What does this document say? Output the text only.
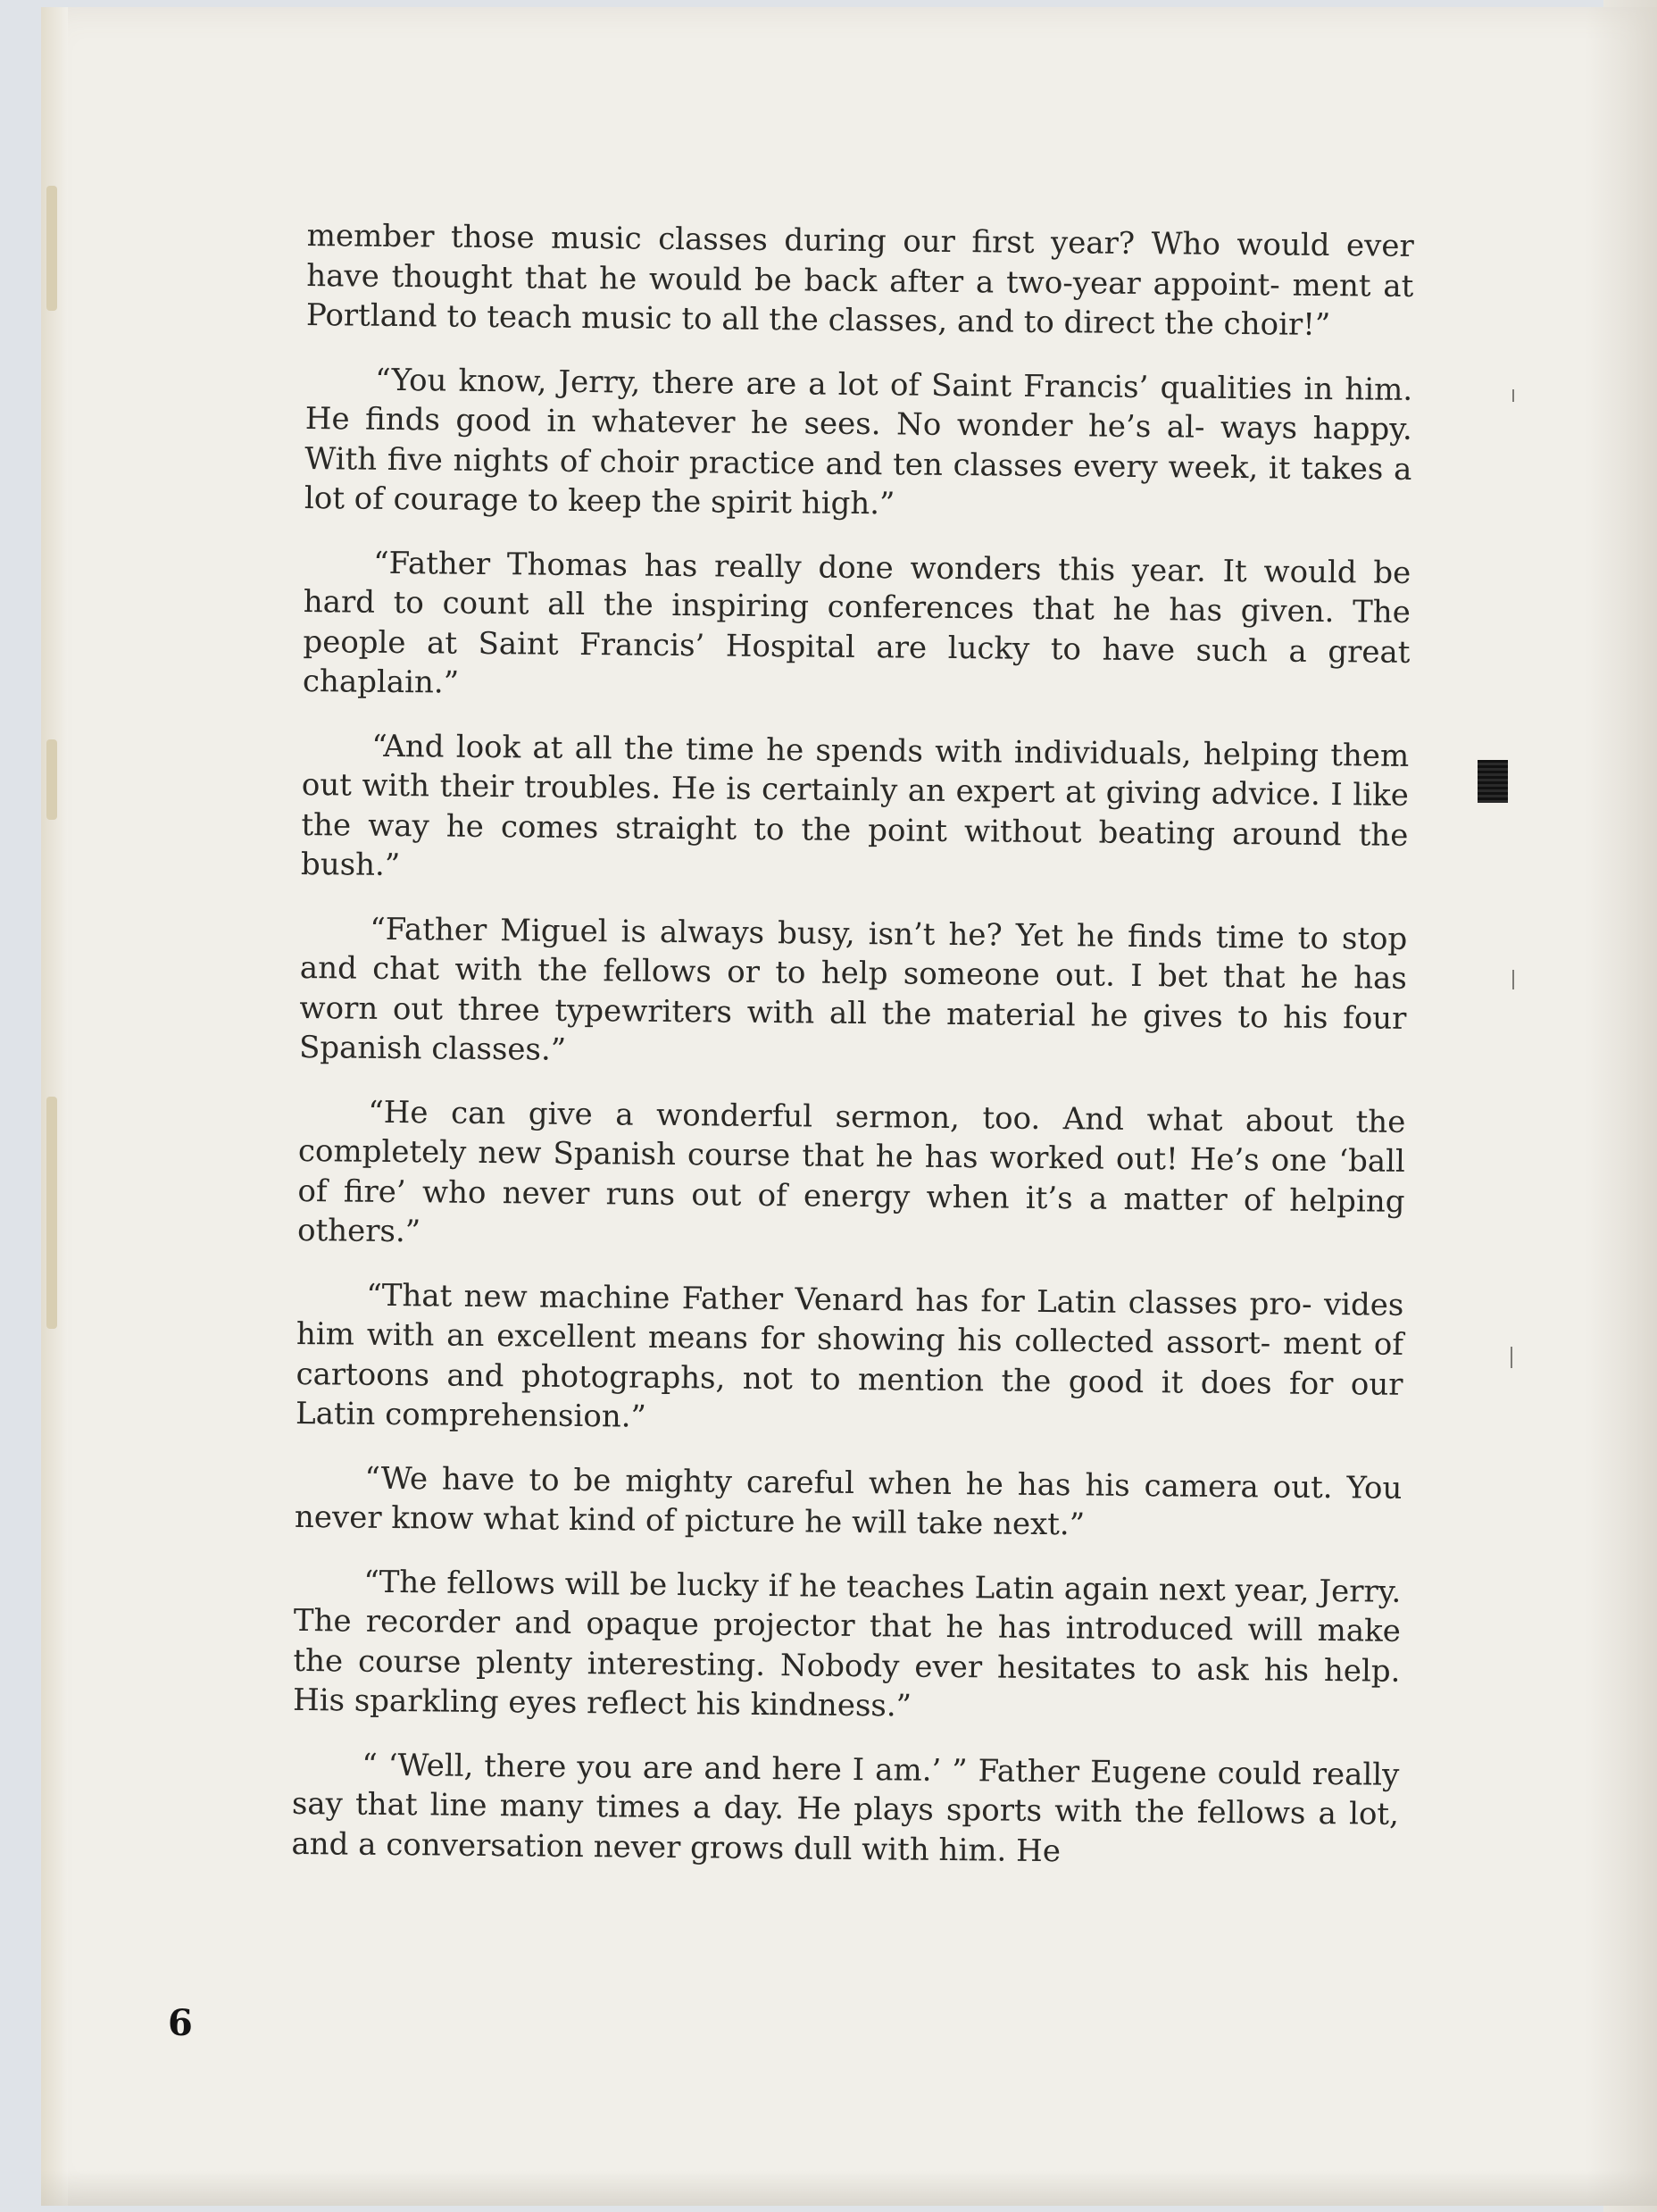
member those music classes during our first year? Who would ever have thought that he would be back after a two-year appoint- ment at Portland to teach music to all the classes, and to direct the choir!”

“You know, Jerry, there are a lot of Saint Francis’ qualities in him. He finds good in whatever he sees. No wonder he’s al- ways happy. With five nights of choir practice and ten classes every week, it takes a lot of courage to keep the spirit high.”

“Father Thomas has really done wonders this year. It would be hard to count all the inspiring conferences that he has given. The people at Saint Francis’ Hospital are lucky to have such a great chaplain.”

“And look at all the time he spends with individuals, helping them out with their troubles. He is certainly an expert at giving advice. I like the way he comes straight to the point without beating around the bush.”

“Father Miguel is always busy, isn’t he? Yet he finds time to stop and chat with the fellows or to help someone out. I bet that he has worn out three typewriters with all the material he gives to his four Spanish classes.”

“He can give a wonderful sermon, too. And what about the completely new Spanish course that he has worked out! He’s one ‘ball of fire’ who never runs out of energy when it’s a matter of helping others.”

“That new machine Father Venard has for Latin classes pro- vides him with an excellent means for showing his collected assort- ment of cartoons and photographs, not to mention the good it does for our Latin comprehension.”

“We have to be mighty careful when he has his camera out. You never know what kind of picture he will take next.”

“The fellows will be lucky if he teaches Latin again next year, Jerry. The recorder and opaque projector that he has introduced will make the course plenty interesting. Nobody ever hesitates to ask his help. His sparkling eyes reflect his kindness.”

“ ‘Well, there you are and here I am.’ ” Father Eugene could really say that line many times a day. He plays sports with the fellows a lot, and a conversation never grows dull with him. He

6
